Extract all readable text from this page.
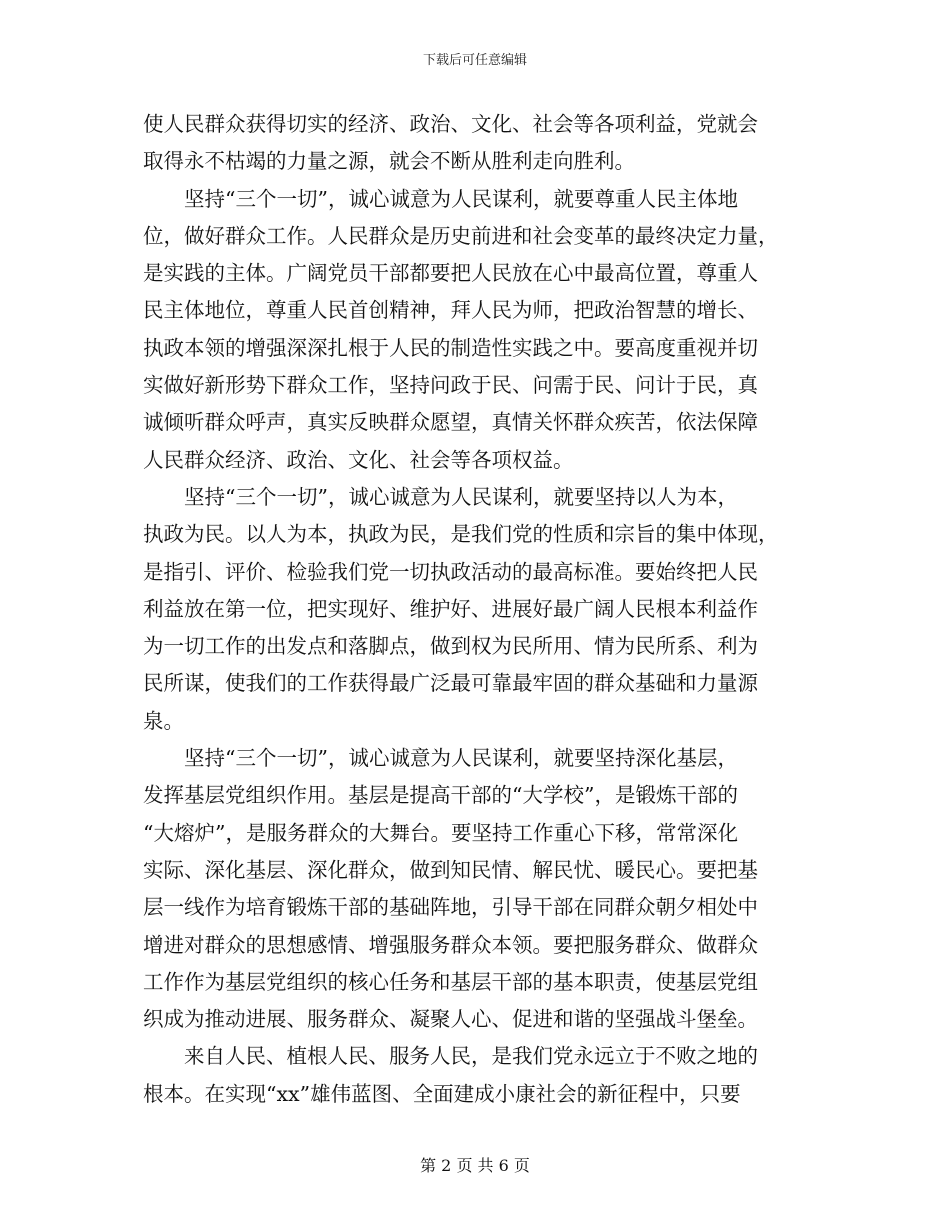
下载后可任意编辑
使人民群众获得切实的经济、政治、文化、社会等各项利益，党就会
取得永不枯竭的力量之源，就会不断从胜利走向胜利。
坚持“三个一切”，诚心诚意为人民谋利，就要尊重人民主体地
位，做好群众工作。人民群众是历史前进和社会变革的最终决定力量，
是实践的主体。广阔党员干部都要把人民放在心中最高位置，尊重人
民主体地位，尊重人民首创精神，拜人民为师，把政治智慧的增长、
执政本领的增强深深扎根于人民的制造性实践之中。要高度重视并切
实做好新形势下群众工作，坚持问政于民、问需于民、问计于民，真
诚倾听群众呼声，真实反映群众愿望，真情关怀群众疾苦，依法保障
人民群众经济、政治、文化、社会等各项权益。
坚持“三个一切”，诚心诚意为人民谋利，就要坚持以人为本，
执政为民。以人为本，执政为民，是我们党的性质和宗旨的集中体现，
是指引、评价、检验我们党一切执政活动的最高标准。要始终把人民
利益放在第一位，把实现好、维护好、进展好最广阔人民根本利益作
为一切工作的出发点和落脚点，做到权为民所用、情为民所系、利为
民所谋，使我们的工作获得最广泛最可靠最牢固的群众基础和力量源
泉。
坚持“三个一切”，诚心诚意为人民谋利，就要坚持深化基层，
发挥基层党组织作用。基层是提高干部的“大学校”，是锻炼干部的
“大熔炉”，是服务群众的大舞台。要坚持工作重心下移，常常深化
实际、深化基层、深化群众，做到知民情、解民忧、暖民心。要把基
层一线作为培育锻炼干部的基础阵地，引导干部在同群众朝夕相处中
增进对群众的思想感情、增强服务群众本领。要把服务群众、做群众
工作作为基层党组织的核心任务和基层干部的基本职责，使基层党组
织成为推动进展、服务群众、凝聚人心、促进和谐的坚强战斗堡垒。
来自人民、植根人民、服务人民，是我们党永远立于不败之地的
根本。在实现“xx”雄伟蓝图、全面建成小康社会的新征程中，只要
第 2 页 共 6 页
